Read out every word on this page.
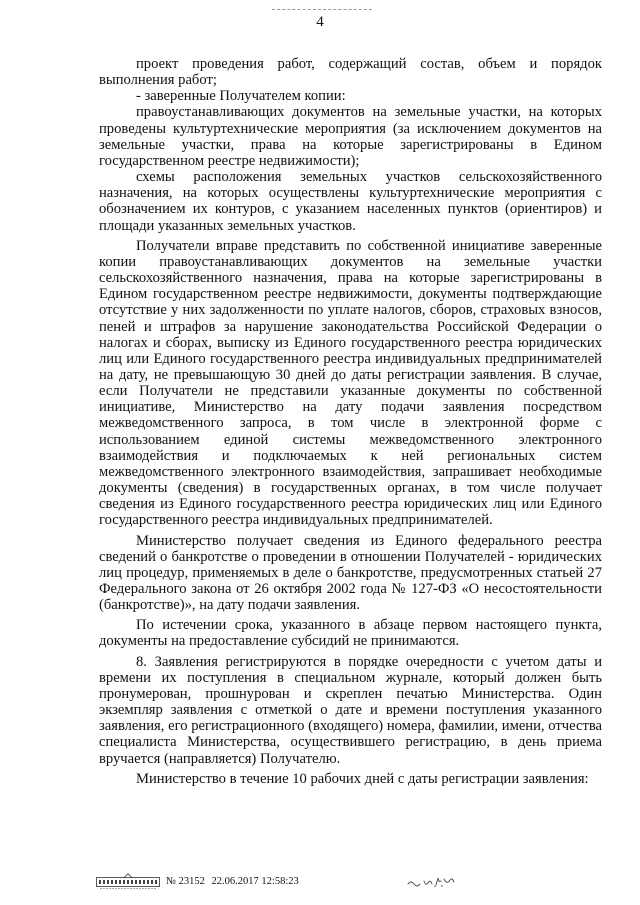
4

проект проведения работ, содержащий состав, объем и порядок выполнения работ;

- заверенные Получателем копии:

правоустанавливающих документов на земельные участки, на которых проведены культуртехнические мероприятия (за исключением документов на земельные участки, права на которые зарегистрированы в Едином государственном реестре недвижимости);

схемы расположения земельных участков сельскохозяйственного назначения, на которых осуществлены культуртехнические мероприятия с обозначением их контуров, с указанием населенных пунктов (ориентиров) и площади указанных земельных участков.

Получатели вправе представить по собственной инициативе заверенные копии правоустанавливающих документов на земельные участки сельскохозяйственного назначения, права на которые зарегистрированы в Едином государственном реестре недвижимости, документы подтверждающие отсутствие у них задолженности по уплате налогов, сборов, страховых взносов, пеней и штрафов за нарушение законодательства Российской Федерации о налогах и сборах, выписку из Единого государственного реестра юридических лиц или Единого государственного реестра индивидуальных предпринимателей на дату, не превышающую 30 дней до даты регистрации заявления. В случае, если Получатели не представили указанные документы по собственной инициативе, Министерство на дату подачи заявления посредством межведомственного запроса, в том числе в электронной форме с использованием единой системы межведомственного электронного взаимодействия и подключаемых к ней региональных систем межведомственного электронного взаимодействия, запрашивает необходимые документы (сведения) в государственных органах, в том числе получает сведения из Единого государственного реестра юридических лиц или Единого государственного реестра индивидуальных предпринимателей.

Министерство получает сведения из Единого федерального реестра сведений о банкротстве о проведении в отношении Получателей - юридических лиц процедур, применяемых в деле о банкротстве, предусмотренных статьей 27 Федерального закона от 26 октября 2002 года № 127-ФЗ «О несостоятельности (банкротстве)», на дату подачи заявления.

По истечении срока, указанного в абзаце первом настоящего пункта, документы на предоставление субсидий не принимаются.

8. Заявления регистрируются в порядке очередности с учетом даты и времени их поступления в специальном журнале, который должен быть пронумерован, прошнурован и скреплен печатью Министерства. Один экземпляр заявления с отметкой о дате и времени поступления указанного заявления, его регистрационного (входящего) номера, фамилии, имени, отчества специалиста Министерства, осуществившего регистрацию, в день приема вручается (направляется) Получателю.

Министерство в течение 10 рабочих дней с даты регистрации заявления:

№ 23152 22.06.2017 12:58:23
